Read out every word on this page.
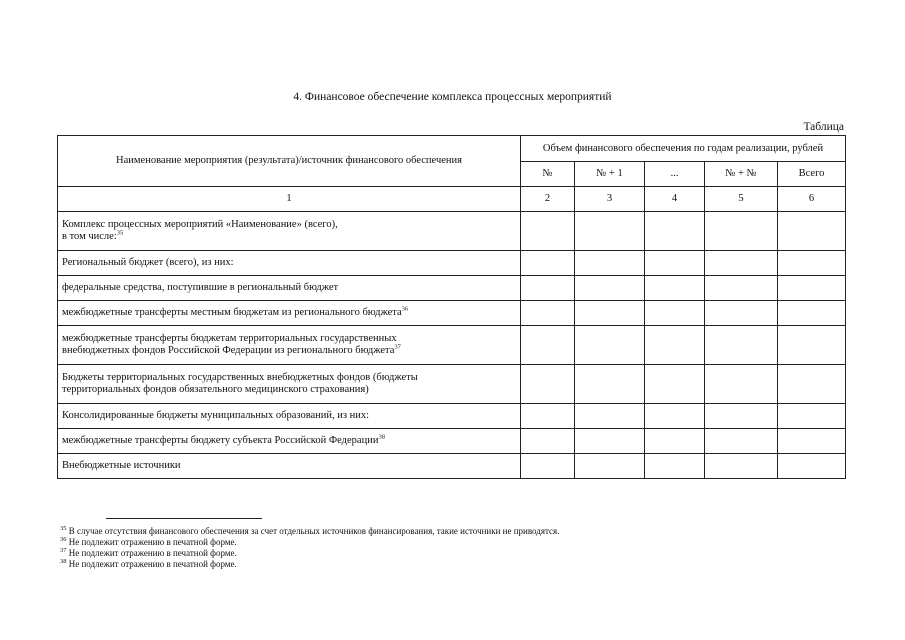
4. Финансовое обеспечение комплекса процессных мероприятий
Таблица
Наименование мероприятия (результата)/источник финансового обеспечения	Объем финансового обеспечения по годам реализации, рублей				
	№	№ + 1	...	№ + №	Всего
1	2	3	4	5	6

Комплекс процессных мероприятий «Наименование» (всего),
в том числе:$^{35}$

Региональный бюджет (всего), из них:					
федеральные средства, поступившие в региональный бюджет					
межбюджетные трансферты местным бюджетам из регионального бюджета$^{36}$					

межбюджетные трансферты бюджетам территориальных государственных
внебюджетных фондов Российской Федерации из регионального бюджета$^{37}$

Бюджеты территориальных государственных внебюджетных фондов (бюджеты
территориальных фондов обязательного медицинского страхования)					

Консолидированные бюджеты муниципальных образований, из них:					
межбюджетные трансферты бюджету субъекта Российской Федерации$^{38}$					
Внебюджетные источники					
$^{35}$ В случае отсутствия финансового обеспечения за счет отдельных источников финансирования, такие источники не приводятся.
$^{36}$ Не подлежит отражению в печатной форме.
$^{37}$ Не подлежит отражению в печатной форме.
$^{38}$ Не подлежит отражению в печатной форме.
